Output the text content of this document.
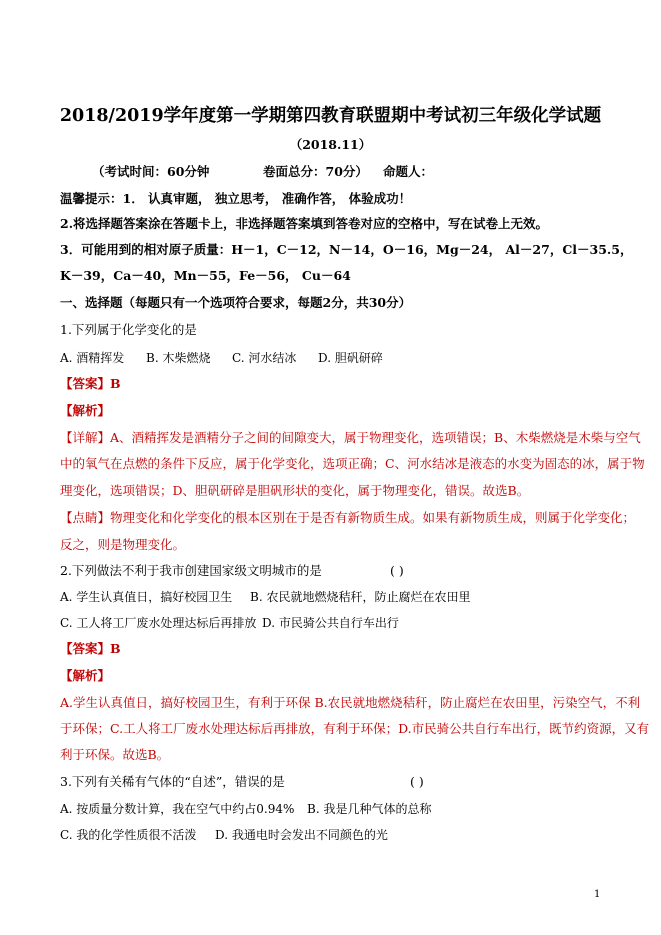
2018/2019学年度第一学期第四教育联盟期中考试初三年级化学试题
（2018.11）
（考试时间：60分钟	卷面总分：70分） 命题人：
温馨提示：1． 认真审题， 独立思考， 准确作答， 体验成功！
2.将选择题答案涂在答题卡上，非选择题答案填到答卷对应的空格中，写在试卷上无效。
3．可能用到的相对原子质量：H－1，C－12，N－14，O－16，Mg－24， Al－27，Cl－35.5，
K－39，Ca－40，Mn－55，Fe－56， Cu－64
一、选择题（每题只有一个选项符合要求，每题2分，共30分）
1.下列属于化学变化的是
A. 酒精挥发 B. 木柴燃烧 C. 河水结冰 D. 胆矾研碎
【答案】B
【解析】
【详解】A、酒精挥发是酒精分子之间的间隙变大，属于物理变化，选项错误；B、木柴燃烧是木柴与空气
中的氧气在点燃的条件下反应，属于化学变化，选项正确；C、河水结冰是液态的水变为固态的冰，属于物
理变化，选项错误；D、胆矾研碎是胆矾形状的变化，属于物理变化，错误。故选B。
【点睛】物理变化和化学变化的根本区别在于是否有新物质生成。如果有新物质生成，则属于化学变化；
反之，则是物理变化。
2.下列做法不利于我市创建国家级文明城市的是	( )
A. 学生认真值日，搞好校园卫生 B. 农民就地燃烧秸秆，防止腐烂在农田里
C. 工人将工厂废水处理达标后再排放 D. 市民骑公共自行车出行
【答案】B
【解析】
A.学生认真值日，搞好校园卫生，有利于环保 B.农民就地燃烧秸秆，防止腐烂在农田里，污染空气，不利
于环保；C.工人将工厂废水处理达标后再排放，有利于环保；D.市民骑公共自行车出行，既节约资源，又有
利于环保。故选B。
3.下列有关稀有气体的“自述”，错误的是	( )
A. 按质量分数计算，我在空气中约占0.94% B. 我是几种气体的总称
C. 我的化学性质很不活泼 D. 我通电时会发出不同颜色的光
1
